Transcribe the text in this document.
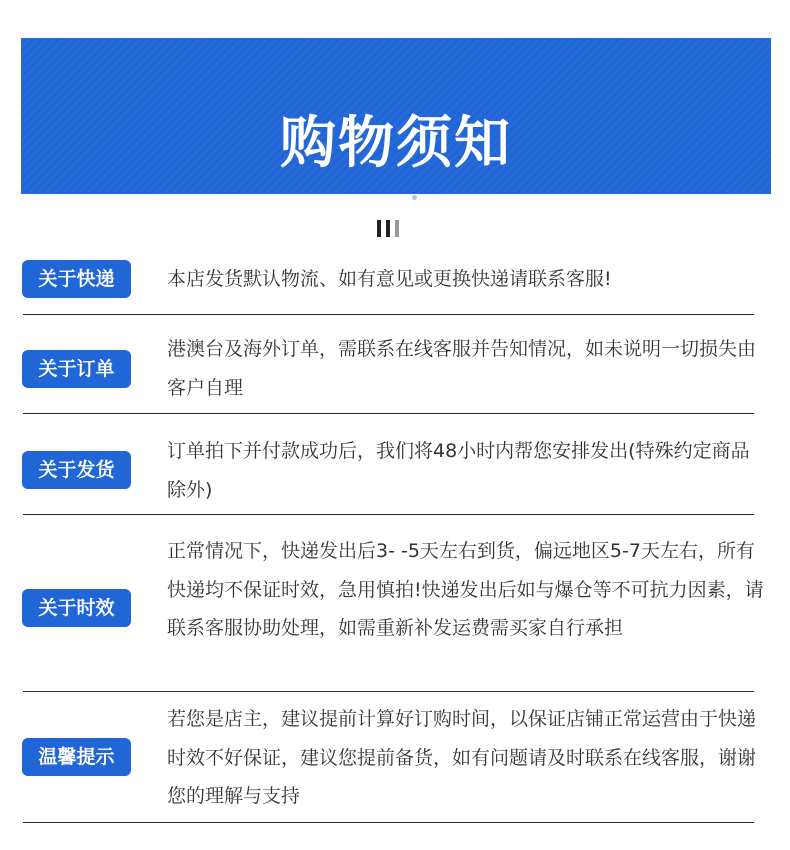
购物须知
关于快递	本店发货默认物流、如有意见或更换快递请联系客服!
关于订单
港澳台及海外订单，需联系在线客服并告知情况，如未说明一切损失由客户自理
关于发货
订单拍下并付款成功后，我们将48小时内帮您安排发出(特殊约定商品除外)
关于时效
正常情况下，快递发出后3- -5天左右到货，偏远地区5-7天左右，所有快递均不保证时效，急用慎拍!快递发出后如与爆仓等不可抗力因素，请联系客服协助处理，如需重新补发运费需买家自行承担
温馨提示
若您是店主，建议提前计算好订购时间，以保证店铺正常运营由于快递时效不好保证，建议您提前备货，如有问题请及时联系在线客服，谢谢您的理解与支持
